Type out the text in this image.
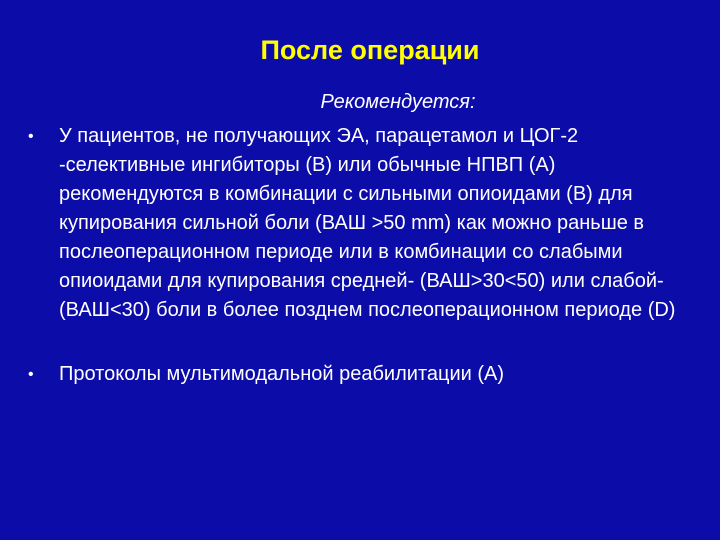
После операции
Рекомендуется:
• У пациентов, не получающих ЭА, парацетамол и ЦОГ-2 -селективные ингибиторы (B) или обычные НПВП (A) рекомендуются в комбинации с сильными опиоидами (B) для купирования сильной боли (ВАШ >50 mm) как можно раньше в послеоперационном периоде или в комбинации со слабыми опиоидами для купирования средней- (ВАШ>30<50) или слабой- (ВАШ<30) боли в более позднем послеоперационном периоде (D)
• Протоколы мультимодальной реабилитации (A)
